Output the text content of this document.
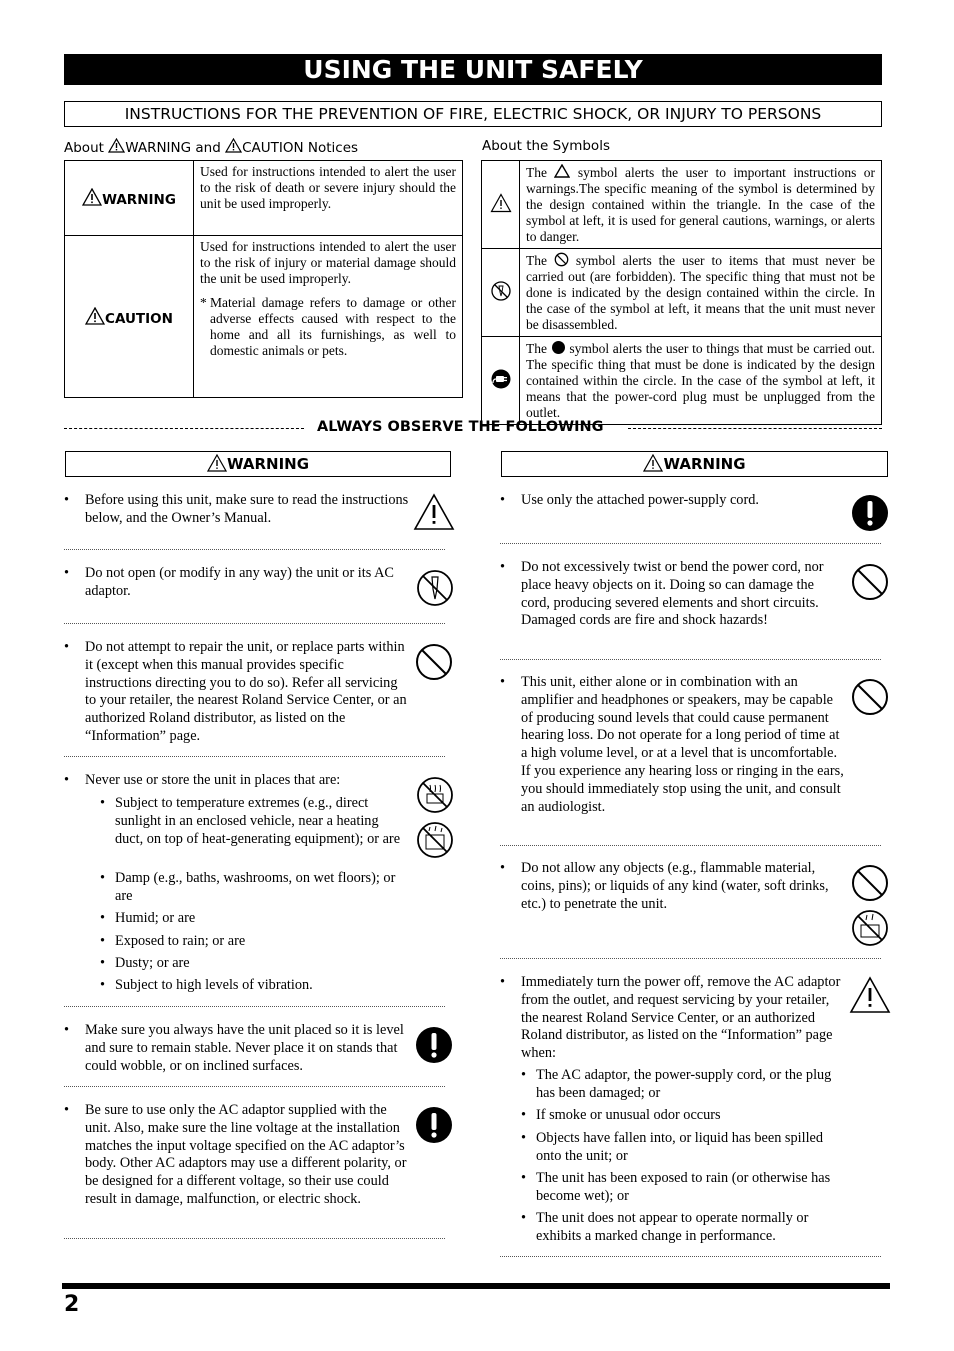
USING THE UNIT SAFELY
INSTRUCTIONS FOR THE PREVENTION OF FIRE, ELECTRIC SHOCK, OR INJURY TO PERSONS
About WARNING and CAUTION Notices	About the Symbols
WARNING	Used for instructions intended to alert the user to the risk of death or severe injury should the unit be used improperly.
CAUTION	Used for instructions intended to alert the user to the risk of injury or material damage should the unit be used improperly.
* Material damage refers to damage or other adverse effects caused with respect to the home and all its furnishings, as well to domestic animals or pets.
	The symbol alerts the user to important instructions or warnings.The specific meaning of the symbol is determined by the design contained within the triangle. In the case of the symbol at left, it is used for general cautions, warnings, or alerts to danger.
	The symbol alerts the user to items that must never be carried out (are forbidden). The specific thing that must not be done is indicated by the design contained within the circle. In the case of the symbol at left, it means that the unit must never be disassembled.
	The symbol alerts the user to things that must be carried out. The specific thing that must be done is indicated by the design contained within the circle. In the case of the symbol at left, it means that the power-cord plug must be unplugged from the outlet.
ALWAYS OBSERVE THE FOLLOWING
WARNING	WARNING
• Before using this unit, make sure to read the instructions below, and the Owner’s Manual.
• Do not open (or modify in any way) the unit or its AC adaptor.
• Do not attempt to repair the unit, or replace parts within it (except when this manual provides specific instructions directing you to do so). Refer all servicing to your retailer, the nearest Roland Service Center, or an authorized Roland distributor, as listed on the “Information” page.
• Never use or store the unit in places that are:
• Subject to temperature extremes (e.g., direct sunlight in an enclosed vehicle, near a heating duct, on top of heat-generating equipment); or are
• Damp (e.g., baths, washrooms, on wet floors); or are
• Humid; or are
• Exposed to rain; or are
• Dusty; or are
• Subject to high levels of vibration.
• Make sure you always have the unit placed so it is level and sure to remain stable. Never place it on stands that could wobble, or on inclined surfaces.
• Be sure to use only the AC adaptor supplied with the unit. Also, make sure the line voltage at the installation matches the input voltage specified on the AC adaptor’s body. Other AC adaptors may use a different polarity, or be designed for a different voltage, so their use could result in damage, malfunction, or electric shock.
• Use only the attached power-supply cord.
• Do not excessively twist or bend the power cord, nor place heavy objects on it. Doing so can damage the cord, producing severed elements and short circuits. Damaged cords are fire and shock hazards!
• This unit, either alone or in combination with an amplifier and headphones or speakers, may be capable of producing sound levels that could cause permanent hearing loss. Do not operate for a long period of time at a high volume level, or at a level that is uncomfortable. If you experience any hearing loss or ringing in the ears, you should immediately stop using the unit, and consult an audiologist.
• Do not allow any objects (e.g., flammable material, coins, pins); or liquids of any kind (water, soft drinks, etc.) to penetrate the unit.
• Immediately turn the power off, remove the AC adaptor from the outlet, and request servicing by your retailer, the nearest Roland Service Center, or an authorized Roland distributor, as listed on the “Information” page when:
• The AC adaptor, the power-supply cord, or the plug has been damaged; or
• If smoke or unusual odor occurs
• Objects have fallen into, or liquid has been spilled onto the unit; or
• The unit has been exposed to rain (or otherwise has become wet); or
• The unit does not appear to operate normally or exhibits a marked change in performance.
2
